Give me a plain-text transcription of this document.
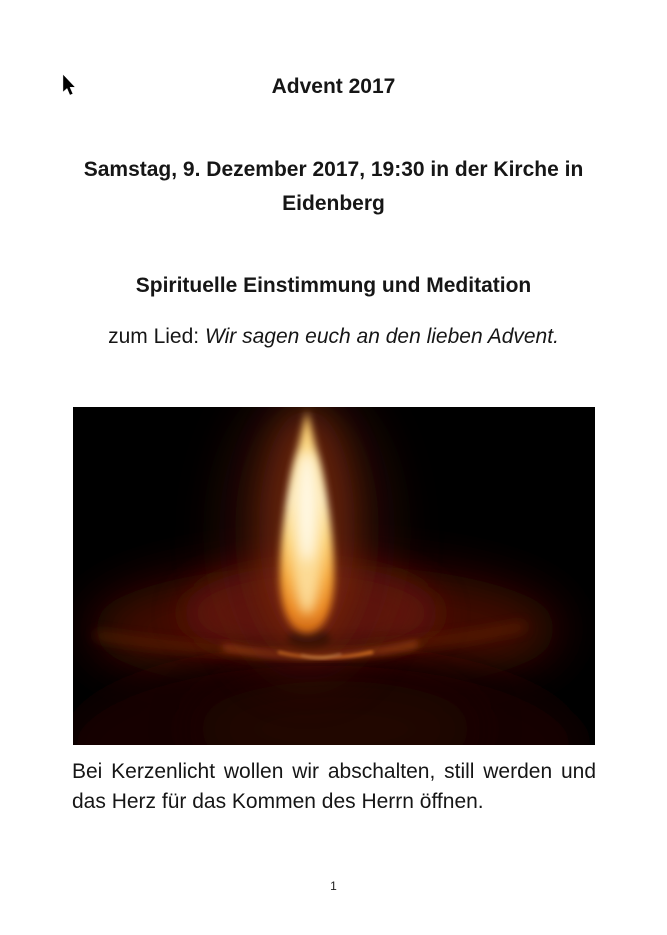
Advent 2017
Samstag, 9. Dezember 2017, 19:30 in der Kirche in
Eidenberg
Spirituelle Einstimmung und Meditation
zum Lied: Wir sagen euch an den lieben Advent.
Bei Kerzenlicht wollen wir abschalten, still werden und
das Herz für das Kommen des Herrn öffnen.
1
